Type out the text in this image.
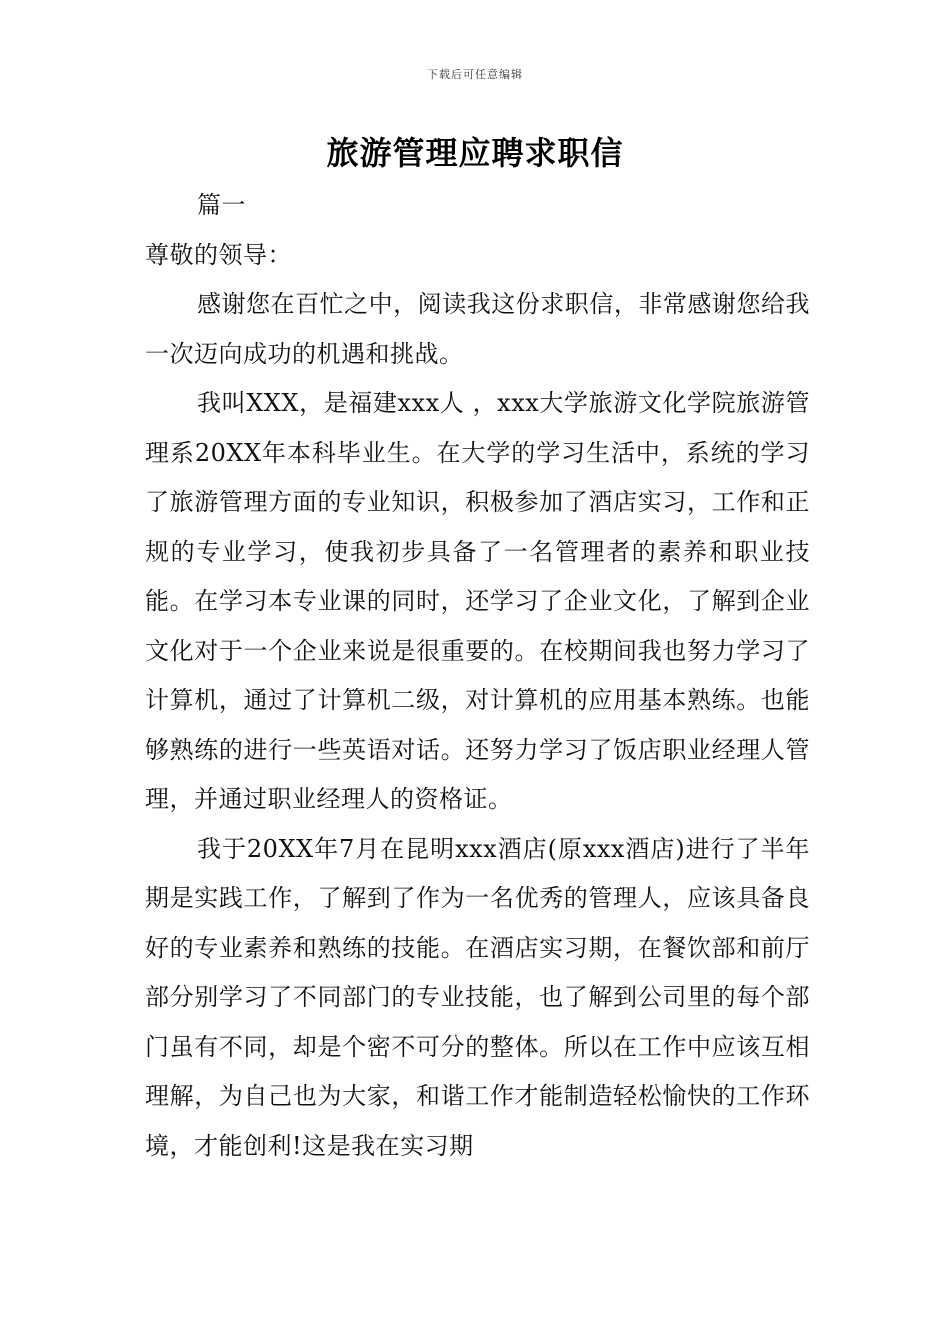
下载后可任意编辑
旅游管理应聘求职信

篇一

尊敬的领导：

感谢您在百忙之中，阅读我这份求职信，非常感谢您给我一次迈向成功的机遇和挑战。

我叫XXX，是福建xxx人 ，xxx大学旅游文化学院旅游管理系20XX年本科毕业生。在大学的学习生活中，系统的学习了旅游管理方面的专业知识，积极参加了酒店实习，工作和正规的专业学习，使我初步具备了一名管理者的素养和职业技能。在学习本专业课的同时，还学习了企业文化，了解到企业文化对于一个企业来说是很重要的。在校期间我也努力学习了计算机，通过了计算机二级，对计算机的应用基本熟练。也能够熟练的进行一些英语对话。还努力学习了饭店职业经理人管理，并通过职业经理人的资格证。

我于20XX年7月在昆明xxx酒店(原xxx酒店)进行了半年期是实践工作，了解到了作为一名优秀的管理人，应该具备良好的专业素养和熟练的技能。在酒店实习期，在餐饮部和前厅部分别学习了不同部门的专业技能，也了解到公司里的每个部门虽有不同，却是个密不可分的整体。所以在工作中应该互相理解，为自己也为大家，和谐工作才能制造轻松愉快的工作环境，才能创利!这是我在实习期
